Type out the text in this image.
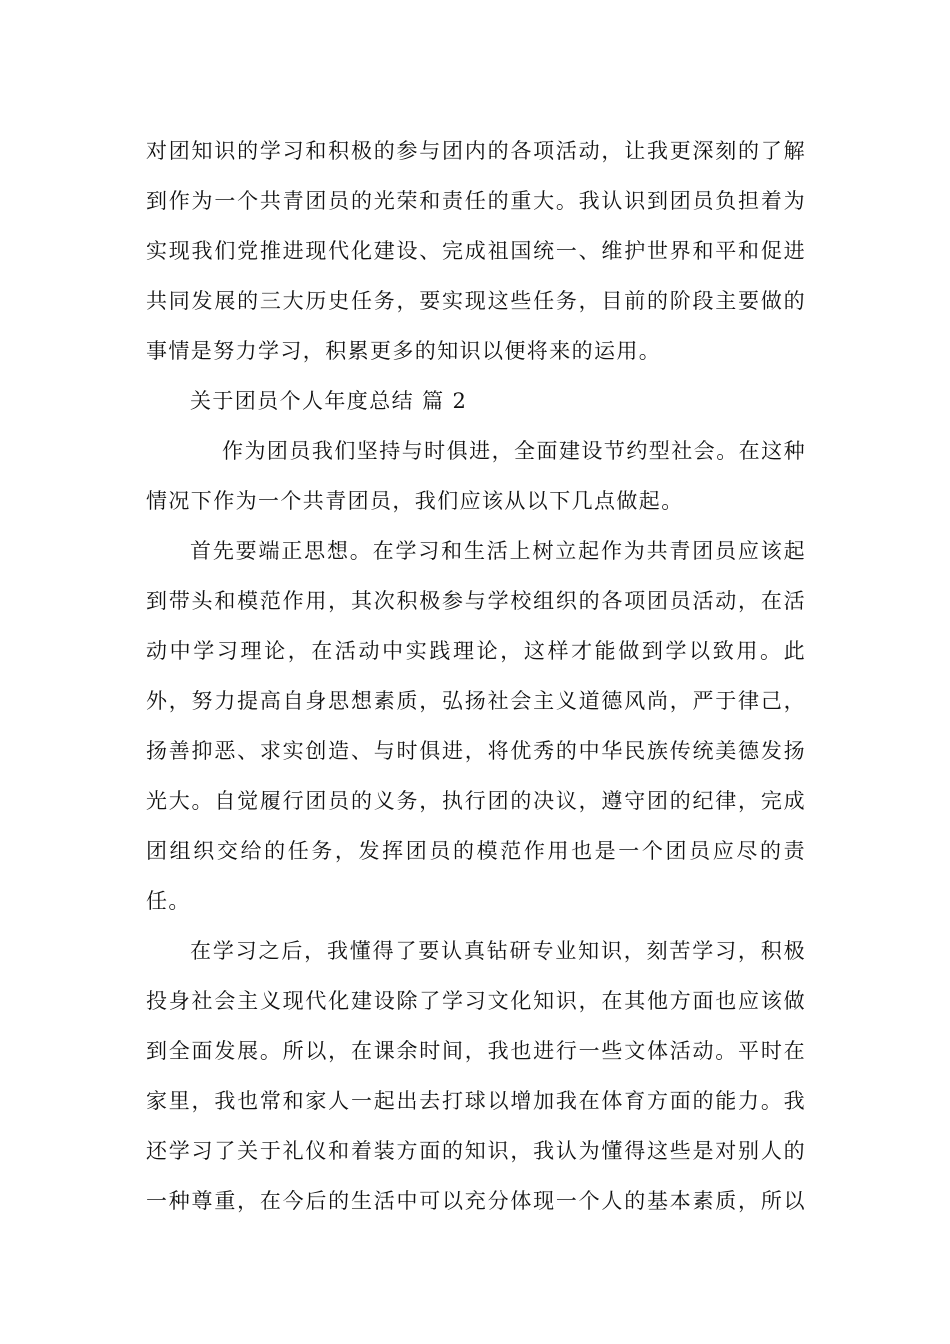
对团知识的学习和积极的参与团内的各项活动，让我更深刻的了解
到作为一个共青团员的光荣和责任的重大。我认识到团员负担着为
实现我们党推进现代化建设、完成祖国统一、维护世界和平和促进
共同发展的三大历史任务，要实现这些任务，目前的阶段主要做的
事情是努力学习，积累更多的知识以便将来的运用。
关于团员个人年度总结 篇 2
作为团员我们坚持与时俱进，全面建设节约型社会。在这种
情况下作为一个共青团员，我们应该从以下几点做起。
首先要端正思想。在学习和生活上树立起作为共青团员应该起
到带头和模范作用，其次积极参与学校组织的各项团员活动，在活
动中学习理论，在活动中实践理论，这样才能做到学以致用。此
外，努力提高自身思想素质，弘扬社会主义道德风尚，严于律己，
扬善抑恶、求实创造、与时俱进，将优秀的中华民族传统美德发扬
光大。自觉履行团员的义务，执行团的决议，遵守团的纪律，完成
团组织交给的任务，发挥团员的模范作用也是一个团员应尽的责
任。
在学习之后，我懂得了要认真钻研专业知识，刻苦学习，积极
投身社会主义现代化建设除了学习文化知识，在其他方面也应该做
到全面发展。所以，在课余时间，我也进行一些文体活动。平时在
家里，我也常和家人一起出去打球以增加我在体育方面的能力。我
还学习了关于礼仪和着装方面的知识，我认为懂得这些是对别人的
一种尊重，在今后的生活中可以充分体现一个人的基本素质，所以
